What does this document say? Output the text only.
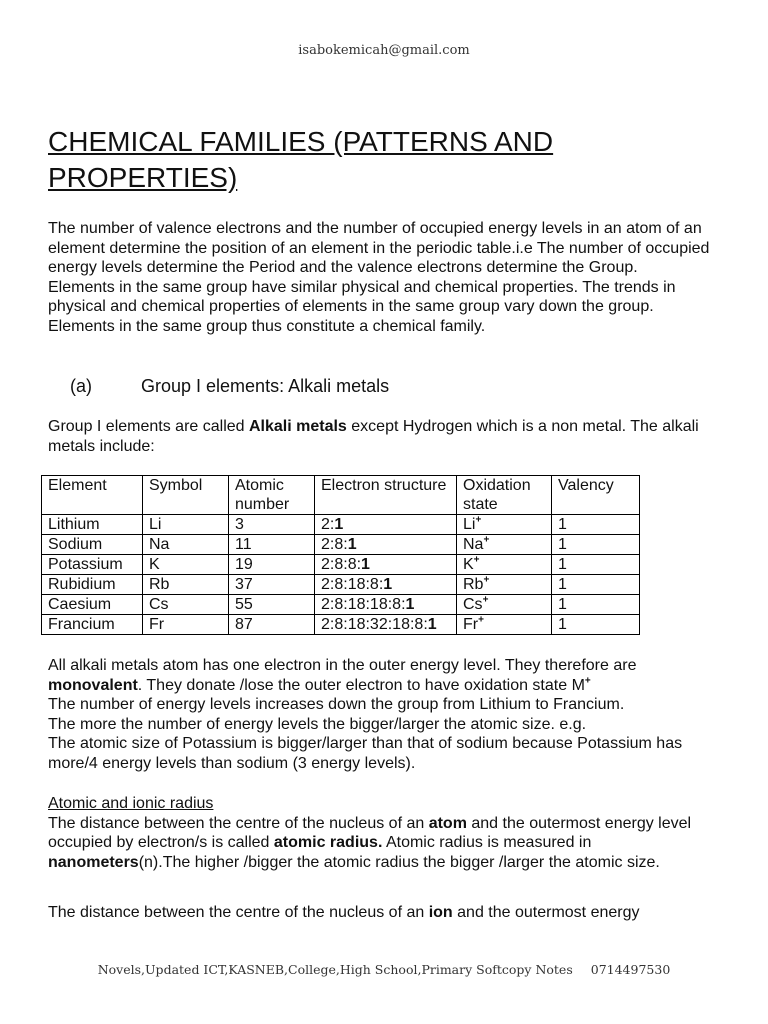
isabokemicah@gmail.com
CHEMICAL FAMILIES (PATTERNS AND PROPERTIES)

The number of valence electrons and the number of occupied energy levels in an atom of an element determine the position of an element in the periodic table.i.e The number of occupied energy levels determine the Period and the valence electrons determine the Group.

Elements in the same group have similar physical and chemical properties. The trends in physical and chemical properties of elements in the same group vary down the group. Elements in the same group thus constitute a chemical family.

(a)	Group I elements: Alkali metals

Group I elements are called Alkali metals except Hydrogen which is a non metal. The alkali metals include:

Element	Symbol	Atomic number	Electron structure	Oxidation state	Valency
Lithium	Li	3	2:1	Li+	1
Sodium	Na	11	2:8:1	Na+	1
Potassium	K	19	2:8:8:1	K+	1
Rubidium	Rb	37	2:8:18:8:1	Rb+	1
Caesium	Cs	55	2:8:18:18:8:1	Cs+	1
Francium	Fr	87	2:8:18:32:18:8:1	Fr+	1

All alkali metals atom has one electron in the outer energy level. They therefore are monovalent. They donate /lose the outer electron to have oxidation state M+

The number of energy levels increases down the group from Lithium to Francium.

The more the number of energy levels the bigger/larger the atomic size. e.g.

The atomic size of Potassium is bigger/larger than that of sodium because Potassium has more/4 energy levels than sodium (3 energy levels).

Atomic and ionic radius

The distance between the centre of the nucleus of an atom and the outermost energy level occupied by electron/s is called atomic radius. Atomic radius is measured in nanometers(n).The higher /bigger the atomic radius the bigger /larger the atomic size.

The distance between the centre of the nucleus of an ion and the outermost energy

Novels,Updated ICT,KASNEB,College,High School,Primary Softcopy Notes 0714497530
